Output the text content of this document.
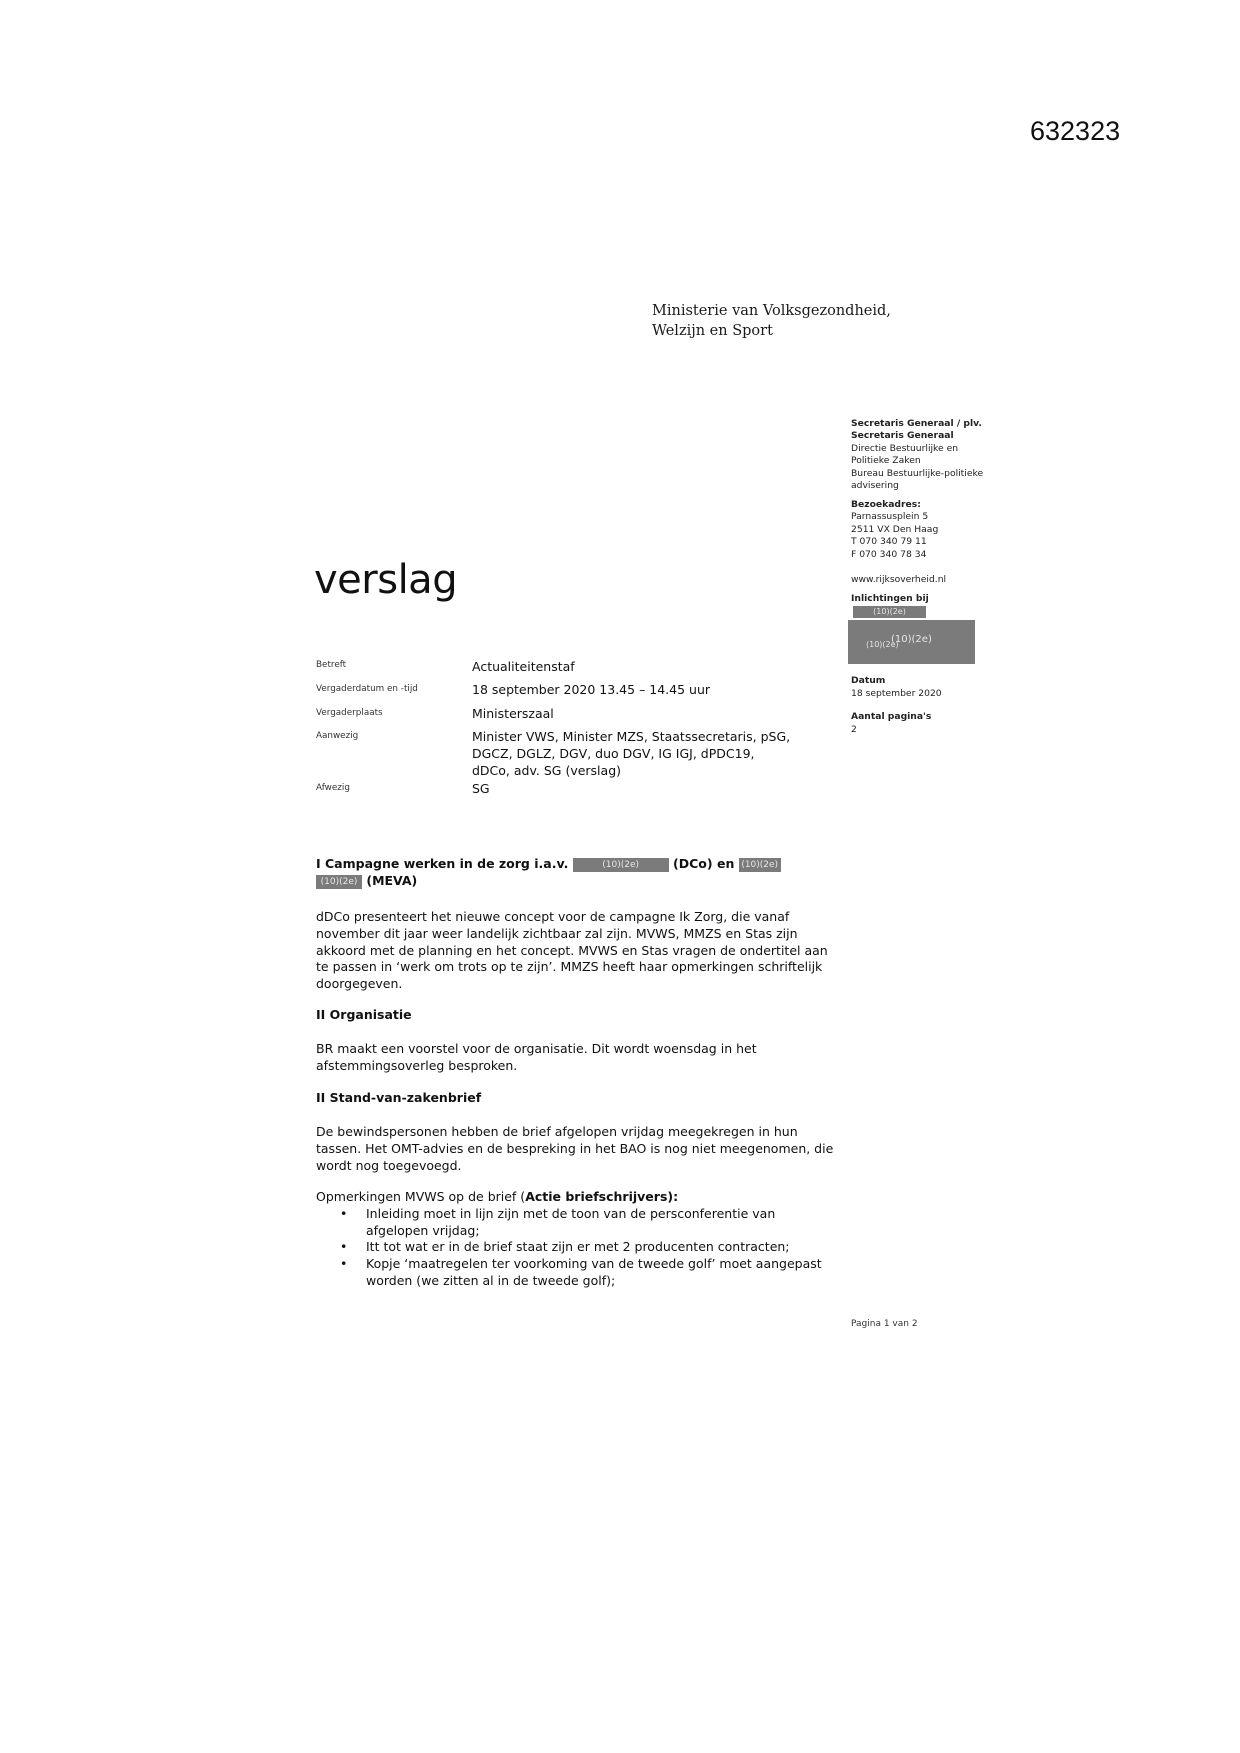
632323
Ministerie van Volksgezondheid,
Welzijn en Sport
Secretaris Generaal / plv.
Secretaris Generaal
Directie Bestuurlijke en
Politieke Zaken
Bureau Bestuurlijke-politieke
advisering
Bezoekadres:
Parnassusplein 5
2511 VX Den Haag
T 070 340 79 11
F 070 340 78 34
www.rijksoverheid.nl
Inlichtingen bij
(10)(2e)
(10)(2e)
(10)(2e)
Datum
18 september 2020
Aantal pagina's
2
verslag
Betreft	Actualiteitenstaf
Vergaderdatum en -tijd	18 september 2020 13.45 – 14.45 uur
Vergaderplaats	Ministerszaal
Aanwezig	Minister VWS, Minister MZS, Staatssecretaris, pSG,
DGCZ, DGLZ, DGV, duo DGV, IG IGJ, dPDC19,
dDCo, adv. SG (verslag)
Afwezig	SG
I Campagne werken in de zorg i.a.v.	(10)(2e)	(DCo) en (10)(2e)
(10)(2e) (MEVA)
dDCo presenteert het nieuwe concept voor de campagne Ik Zorg, die vanaf
november dit jaar weer landelijk zichtbaar zal zijn. MVWS, MMZS en Stas zijn
akkoord met de planning en het concept. MVWS en Stas vragen de ondertitel aan
te passen in ‘werk om trots op te zijn’. MMZS heeft haar opmerkingen schriftelijk
doorgegeven.
II Organisatie
BR maakt een voorstel voor de organisatie. Dit wordt woensdag in het
afstemmingsoverleg besproken.
II Stand-van-zakenbrief
De bewindspersonen hebben de brief afgelopen vrijdag meegekregen in hun
tassen. Het OMT-advies en de bespreking in het BAO is nog niet meegenomen, die
wordt nog toegevoegd.
Opmerkingen MVWS op de brief (Actie briefschrijvers):
• Inleiding moet in lijn zijn met de toon van de persconferentie van
afgelopen vrijdag;
• Itt tot wat er in de brief staat zijn er met 2 producenten contracten;
• Kopje ‘maatregelen ter voorkoming van de tweede golf’ moet aangepast
worden (we zitten al in de tweede golf);
Pagina 1 van 2
